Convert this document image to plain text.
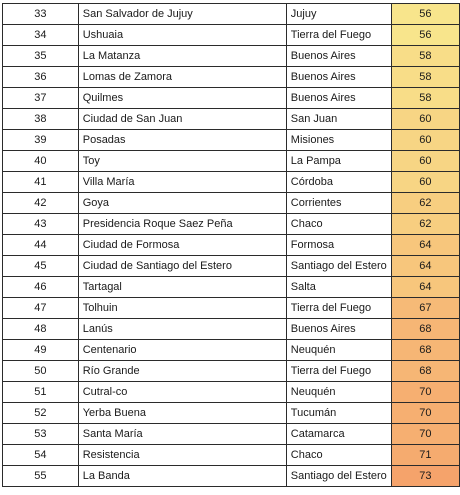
33	San Salvador de Jujuy	Jujuy	56
34	Ushuaia	Tierra del Fuego	56
35	La Matanza	Buenos Aires	58
36	Lomas de Zamora	Buenos Aires	58
37	Quilmes	Buenos Aires	58
38	Ciudad de San Juan	San Juan	60
39	Posadas	Misiones	60
40	Toy	La Pampa	60
41	Villa María	Córdoba	60
42	Goya	Corrientes	62
43	Presidencia Roque Saez Peña	Chaco	62
44	Ciudad de Formosa	Formosa	64
45	Ciudad de Santiago del Estero	Santiago del Estero	64
46	Tartagal	Salta	64
47	Tolhuin	Tierra del Fuego	67
48	Lanús	Buenos Aires	68
49	Centenario	Neuquén	68
50	Río Grande	Tierra del Fuego	68
51	Cutral-co	Neuquén	70
52	Yerba Buena	Tucumán	70
53	Santa María	Catamarca	70
54	Resistencia	Chaco	71
55	La Banda	Santiago del Estero	73
